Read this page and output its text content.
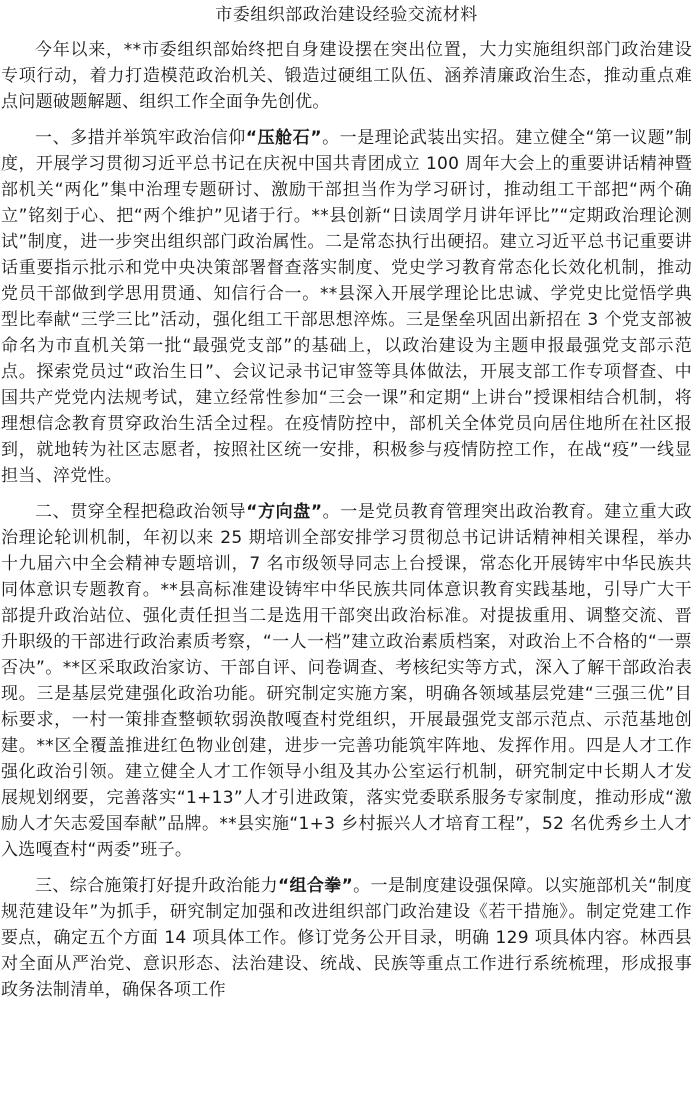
市委组织部政治建设经验交流材料

今年以来，**市委组织部始终把自身建设摆在突出位置，大力实施组织部门政治建设专项行动，着力打造模范政治机关、锻造过硬组工队伍、涵养清廉政治生态，推动重点难点问题破题解题、组织工作全面争先创优。

一、多措并举筑牢政治信仰“压舱石”。一是理论武装出实招。建立健全“第一议题”制度，开展学习贯彻习近平总书记在庆祝中国共青团成立 100 周年大会上的重要讲话精神暨部机关“两化”集中治理专题研讨、激励干部担当作为学习研讨，推动组工干部把“两个确立”铭刻于心、把“两个维护”见诸于行。**县创新“日读周学月讲年评比”“定期政治理论测试”制度，进一步突出组织部门政治属性。二是常态执行出硬招。建立习近平总书记重要讲话重要指示批示和党中央决策部署督查落实制度、党史学习教育常态化长效化机制，推动党员干部做到学思用贯通、知信行合一。**县深入开展学理论比忠诚、学党史比觉悟学典型比奉献“三学三比”活动，强化组工干部思想淬炼。三是堡垒巩固出新招在 3 个党支部被命名为市直机关第一批“最强党支部”的基础上，以政治建设为主题申报最强党支部示范点。探索党员过“政治生日”、会议记录书记审签等具体做法，开展支部工作专项督查、中国共产党党内法规考试，建立经常性参加“三会一课”和定期“上讲台”授课相结合机制，将理想信念教育贯穿政治生活全过程。在疫情防控中，部机关全体党员向居住地所在社区报到，就地转为社区志愿者，按照社区统一安排，积极参与疫情防控工作，在战“疫”一线显担当、淬党性。

二、贯穿全程把稳政治领导“方向盘”。一是党员教育管理突出政治教育。建立重大政治理论轮训机制，年初以来 25 期培训全部安排学习贯彻总书记讲话精神相关课程，举办十九届六中全会精神专题培训，7 名市级领导同志上台授课，常态化开展铸牢中华民族共同体意识专题教育。**县高标准建设铸牢中华民族共同体意识教育实践基地，引导广大干部提升政治站位、强化责任担当二是选用干部突出政治标准。对提拔重用、调整交流、晋升职级的干部进行政治素质考察，“一人一档”建立政治素质档案，对政治上不合格的“一票否决”。**区采取政治家访、干部自评、问卷调查、考核纪实等方式，深入了解干部政治表现。三是基层党建强化政治功能。研究制定实施方案，明确各领域基层党建“三强三优”目标要求，一村一策排查整顿软弱涣散嘎查村党组织，开展最强党支部示范点、示范基地创建。**区全覆盖推进红色物业创建，进步一完善功能筑牢阵地、发挥作用。四是人才工作强化政治引领。建立健全人才工作领导小组及其办公室运行机制，研究制定中长期人才发展规划纲要，完善落实“1+13”人才引进政策，落实党委联系服务专家制度，推动形成“激励人才矢志爱国奉献”品牌。**县实施“1+3 乡村振兴人才培育工程”，52 名优秀乡土人才入选嘎查村“两委”班子。

三、综合施策打好提升政治能力“组合拳”。一是制度建设强保障。以实施部机关“制度规范建设年”为抓手，研究制定加强和改进组织部门政治建设《若干措施》。制定党建工作要点，确定五个方面 14 项具体工作。修订党务公开目录，明确 129 项具体内容。林西县对全面从严治党、意识形态、法治建设、统战、民族等重点工作进行系统梳理，形成报事政务法制清单，确保各项工作
